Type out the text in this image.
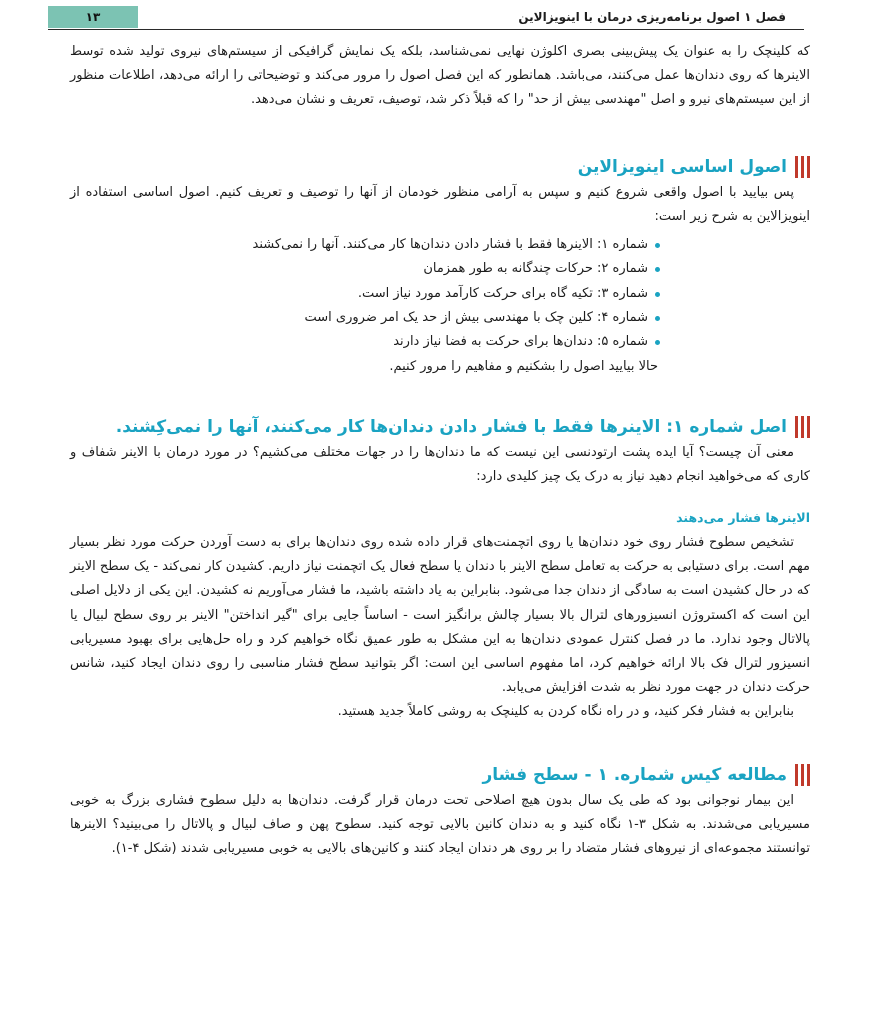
فصل ۱ اصول برنامه‌ریزی درمان با اینویزالاین
۱۳

که کلینچک را به عنوان یک پیش‌بینی بصری اکلوژن نهایی نمی‌شناسد، بلکه یک نمایش گرافیکی از سیستم‌های نیروی تولید شده توسط الاینرها که روی دندان‌ها عمل می‌کنند، می‌باشد. همانطور که این فصل اصول را مرور می‌کند و توضیحاتی را ارائه می‌دهد، اطلاعات منظور از این سیستم‌های نیرو و اصل "مهندسی بیش از حد" را که قبلاً ذکر شد، توصیف، تعریف و نشان می‌دهد.

اصول اساسی اینویزالاین

پس بیایید با اصول واقعی شروع کنیم و سپس به آرامی منظور خودمان از آنها را توصیف و تعریف کنیم. اصول اساسی استفاده از اینویزالاین به شرح زیر است:

شماره ۱: الاینرها فقط با فشار دادن دندان‌ها کار می‌کنند. آنها را نمی‌کشند
شماره ۲: حرکات چندگانه به طور همزمان
شماره ۳: تکیه گاه برای حرکت کارآمد مورد نیاز است.
شماره ۴: کلین چک با مهندسی بیش از حد یک امر ضروری است
شماره ۵: دندان‌ها برای حرکت به فضا نیاز دارند

حالا بیایید اصول را بشکنیم و مفاهیم را مرور کنیم.

اصل شماره ۱: الاینرها فقط با فشار دادن دندان‌ها کار می‌کنند، آنها را نمی‌کِشند.

معنی آن چیست؟ آیا ایده پشت ارتودنسی این نیست که ما دندان‌ها را در جهات مختلف می‌کشیم؟ در مورد درمان با الاینر شفاف و کاری که می‌خواهید انجام دهید نیاز به درک یک چیز کلیدی دارد:

الاینرها فشار می‌دهند

تشخیص سطوح فشار روی خود دندان‌ها یا روی اتچمنت‌های قرار داده شده روی دندان‌ها برای به دست آوردن حرکت مورد نظر بسیار مهم است. برای دستیابی به حرکت به تعامل سطح الاینر با دندان یا سطح فعال یک اتچمنت نیاز داریم. کشیدن کار نمی‌کند - یک سطح الاینر که در حال کشیدن است به سادگی از دندان جدا می‌شود. بنابراین به یاد داشته باشید، ما فشار می‌آوریم نه کشیدن. این یکی از دلایل اصلی این است که اکستروژن انسیزورهای لترال بالا بسیار چالش برانگیز است - اساساً جایی برای "گیر انداختن" الاینر بر روی سطح لبیال یا پالاتال وجود ندارد. ما در فصل کنترل عمودی دندان‌ها به این مشکل به طور عمیق نگاه خواهیم کرد و راه حل‌هایی برای بهبود مسیریابی انسیزور لترال فک بالا ارائه خواهیم کرد، اما مفهوم اساسی این است: اگر بتوانید سطح فشار مناسبی را روی دندان ایجاد کنید، شانس حرکت دندان در جهت مورد نظر به شدت افزایش می‌یابد.

بنابراین به فشار فکر کنید، و در راه نگاه کردن به کلینچک به روشی کاملاً جدید هستید.

مطالعه کیس شماره. ۱ - سطح فشار

این بیمار نوجوانی بود که طی یک سال بدون هیچ اصلاحی تحت درمان قرار گرفت. دندان‌ها به دلیل سطوح فشاری بزرگ به خوبی مسیریابی می‌شدند. به شکل ۳-۱ نگاه کنید و به دندان کانین بالایی توجه کنید. سطوح پهن و صاف لبیال و پالاتال را می‌بینید؟ الاینرها توانستند مجموعه‌ای از نیروهای فشار متضاد را بر روی هر دندان ایجاد کنند و کانین‌های بالایی به خوبی مسیریابی شدند (شکل ۴-۱).
